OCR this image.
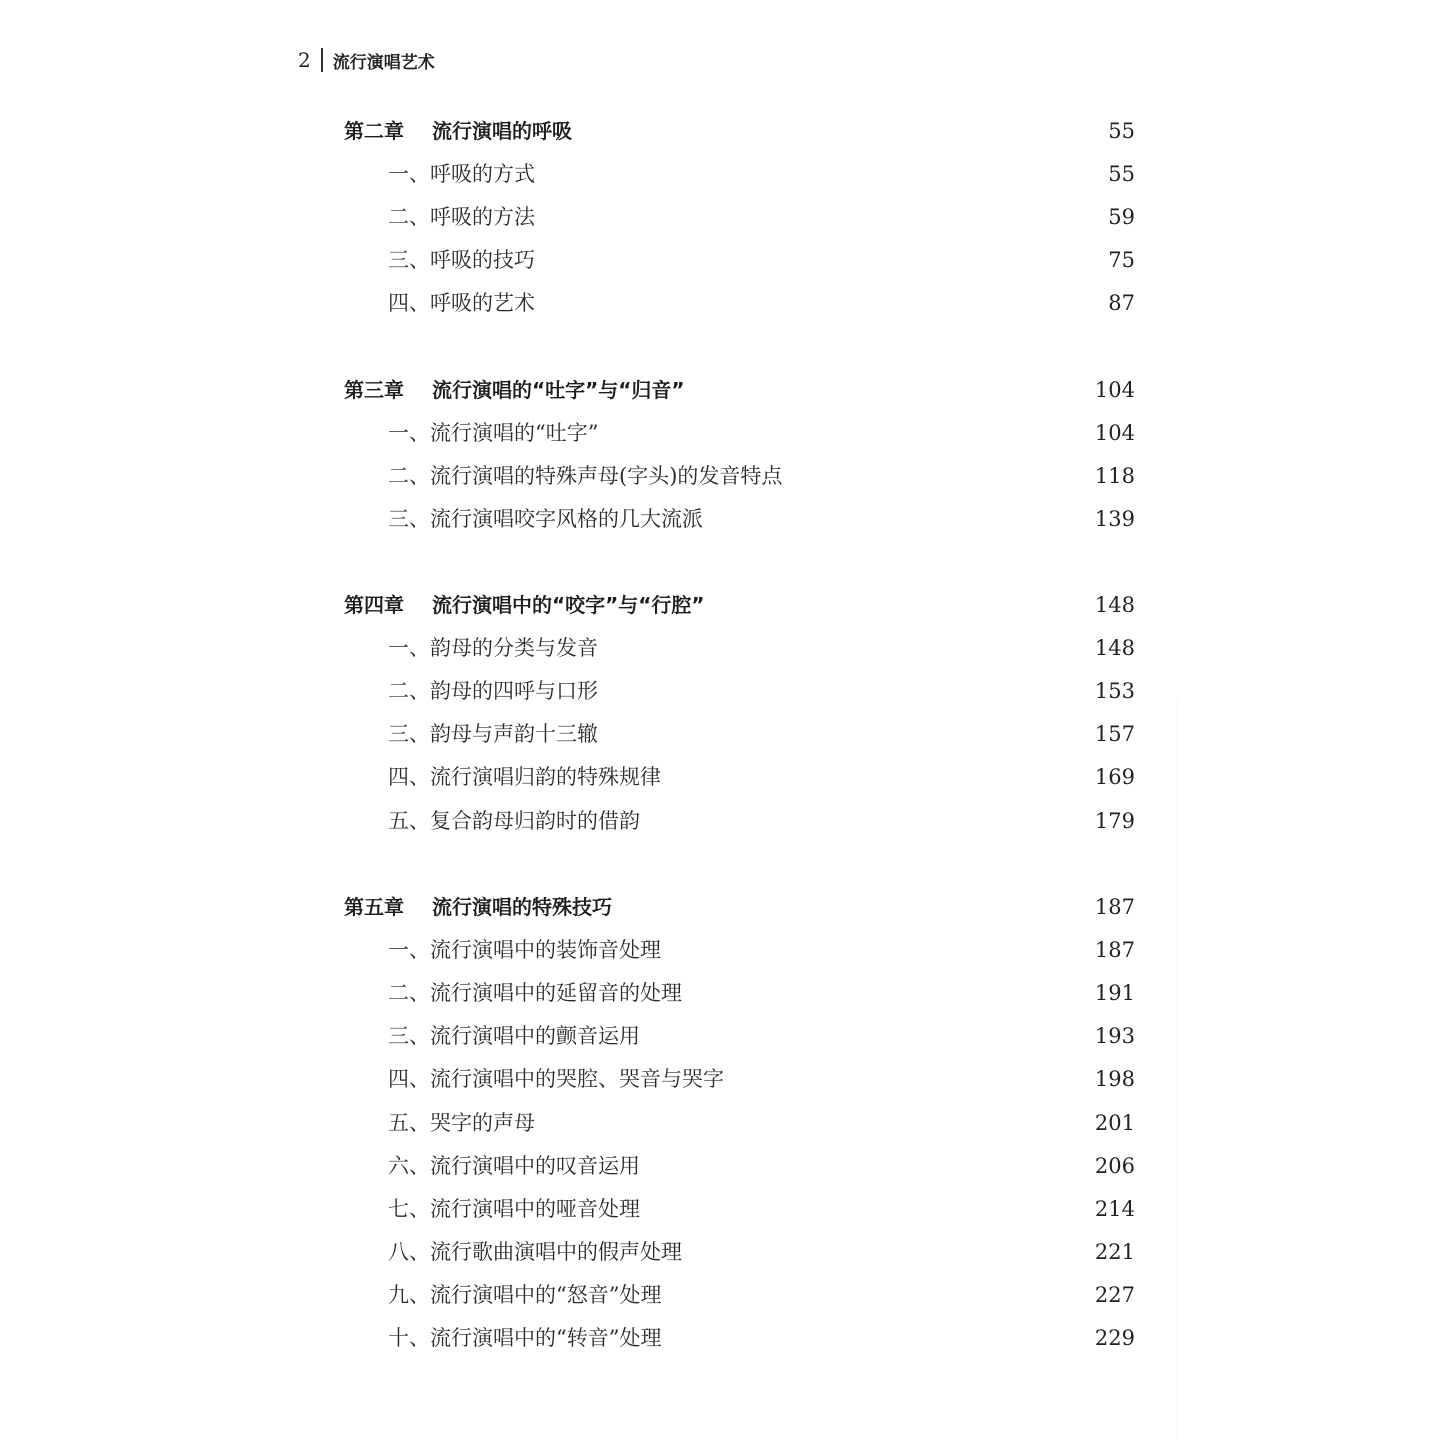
2 流行演唱艺术
第二章 流行演唱的呼吸	55
一、呼吸的方式	55
二、呼吸的方法	59
三、呼吸的技巧	75
四、呼吸的艺术	87
第三章 流行演唱的“吐字”与“归音”	104
一、流行演唱的“吐字”	104
二、流行演唱的特殊声母(字头)的发音特点	118
三、流行演唱咬字风格的几大流派	139
第四章 流行演唱中的“咬字”与“行腔”	148
一、韵母的分类与发音	148
二、韵母的四呼与口形	153
三、韵母与声韵十三辙	157
四、流行演唱归韵的特殊规律	169
五、复合韵母归韵时的借韵	179
第五章 流行演唱的特殊技巧	187
一、流行演唱中的装饰音处理	187
二、流行演唱中的延留音的处理	191
三、流行演唱中的颤音运用	193
四、流行演唱中的哭腔、哭音与哭字	198
五、哭字的声母	201
六、流行演唱中的叹音运用	206
七、流行演唱中的哑音处理	214
八、流行歌曲演唱中的假声处理	221
九、流行演唱中的“怒音”处理	227
十、流行演唱中的“转音”处理	229
